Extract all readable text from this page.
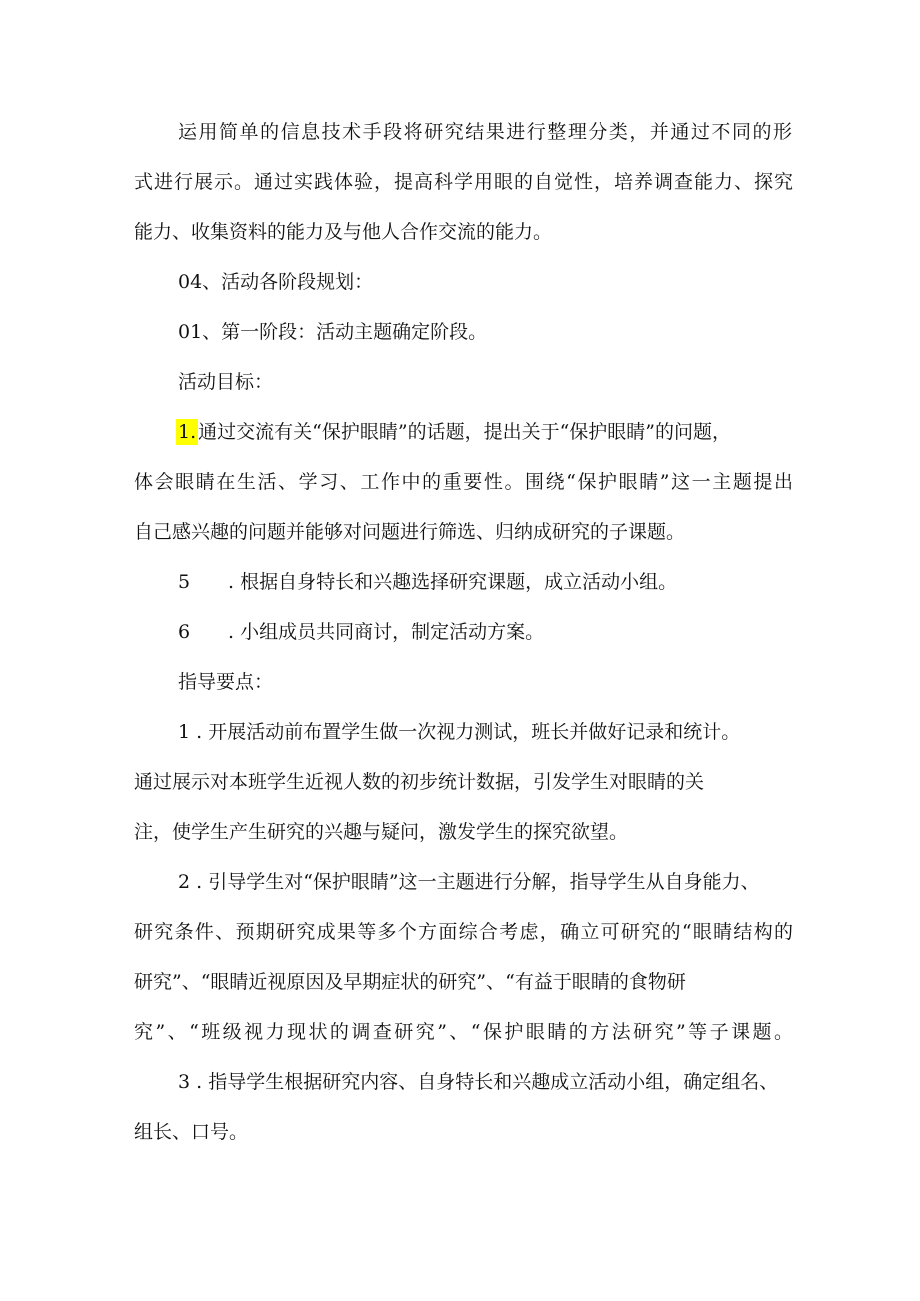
运用简单的信息技术手段将研究结果进行整理分类，并通过不同的形
式进行展示。通过实践体验，提高科学用眼的自觉性，培养调查能力、探究
能力、收集资料的能力及与他人合作交流的能力。
04、活动各阶段规划：
01、第一阶段：活动主题确定阶段。
活动目标：
1. 通过交流有关“保护眼睛”的话题，提出关于“保护眼睛”的问题，
体会眼睛在生活、学习、工作中的重要性。围绕“保护眼睛”这一主题提出
自己感兴趣的问题并能够对问题进行筛选、归纳成研究的子课题。
5 . 根据自身特长和兴趣选择研究课题，成立活动小组。
6 . 小组成员共同商讨，制定活动方案。
指导要点：
1 . 开展活动前布置学生做一次视力测试，班长并做好记录和统计。
通过展示对本班学生近视人数的初步统计数据，引发学生对眼睛的关
注，使学生产生研究的兴趣与疑问，激发学生的探究欲望。
2 . 引导学生对“保护眼睛”这一主题进行分解，指导学生从自身能力、
研究条件、预期研究成果等多个方面综合考虑，确立可研究的“眼睛结构的
研究”、“眼睛近视原因及早期症状的研究”、“有益于眼睛的食物研
究”、“班级视力现状的调查研究”、“保护眼睛的方法研究”等子课题。
3 . 指导学生根据研究内容、自身特长和兴趣成立活动小组，确定组名、
组长、口号。
